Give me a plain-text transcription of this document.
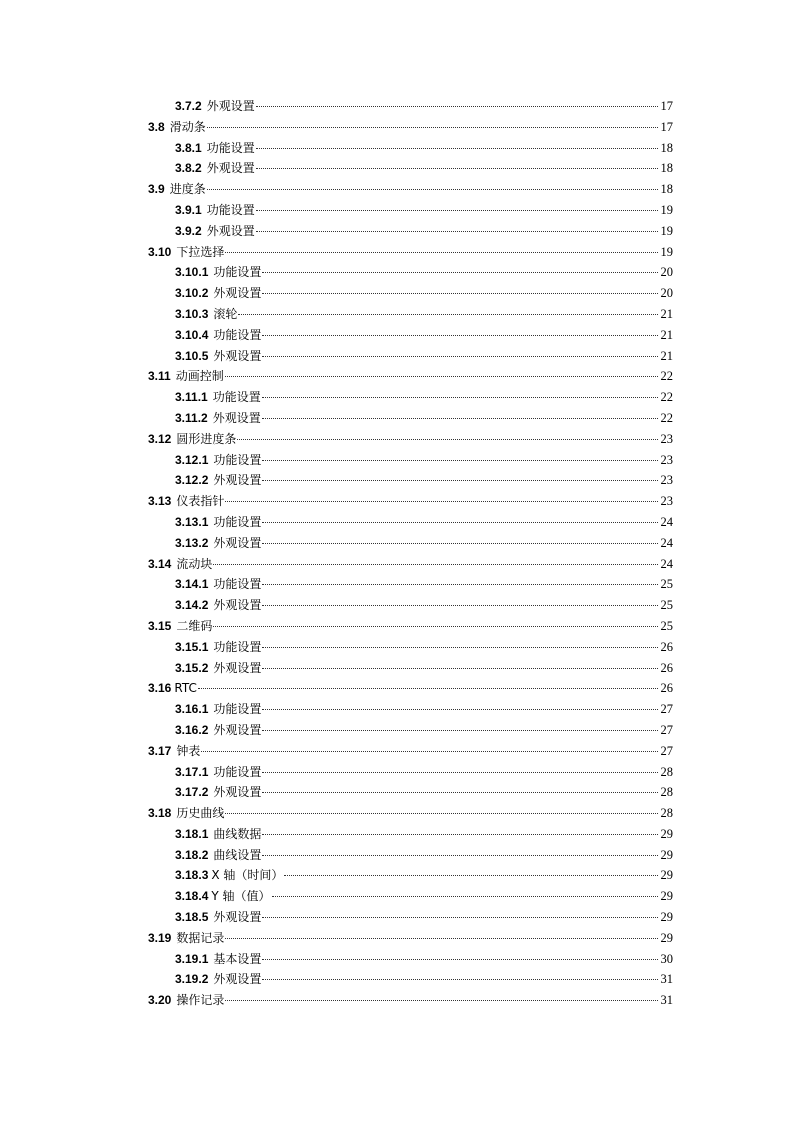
3.7.2 外观设置	17
3.8 滑动条	17
3.8.1 功能设置	18
3.8.2 外观设置	18
3.9 进度条	18
3.9.1 功能设置	19
3.9.2 外观设置	19
3.10 下拉选择	19
3.10.1 功能设置	20
3.10.2 外观设置	20
3.10.3 滚轮	21
3.10.4 功能设置	21
3.10.5 外观设置	21
3.11 动画控制	22
3.11.1 功能设置	22
3.11.2 外观设置	22
3.12 圆形进度条	23
3.12.1 功能设置	23
3.12.2 外观设置	23
3.13 仪表指针	23
3.13.1 功能设置	24
3.13.2 外观设置	24
3.14 流动块	24
3.14.1 功能设置	25
3.14.2 外观设置	25
3.15 二维码	25
3.15.1 功能设置	26
3.15.2 外观设置	26
3.16 RTC	26
3.16.1 功能设置	27
3.16.2 外观设置	27
3.17 钟表	27
3.17.1 功能设置	28
3.17.2 外观设置	28
3.18 历史曲线	28
3.18.1 曲线数据	29
3.18.2 曲线设置	29
3.18.3 X 轴（时间）	29
3.18.4 Y 轴（值）	29
3.18.5 外观设置	29
3.19 数据记录	29
3.19.1 基本设置	30
3.19.2 外观设置	31
3.20 操作记录	31
